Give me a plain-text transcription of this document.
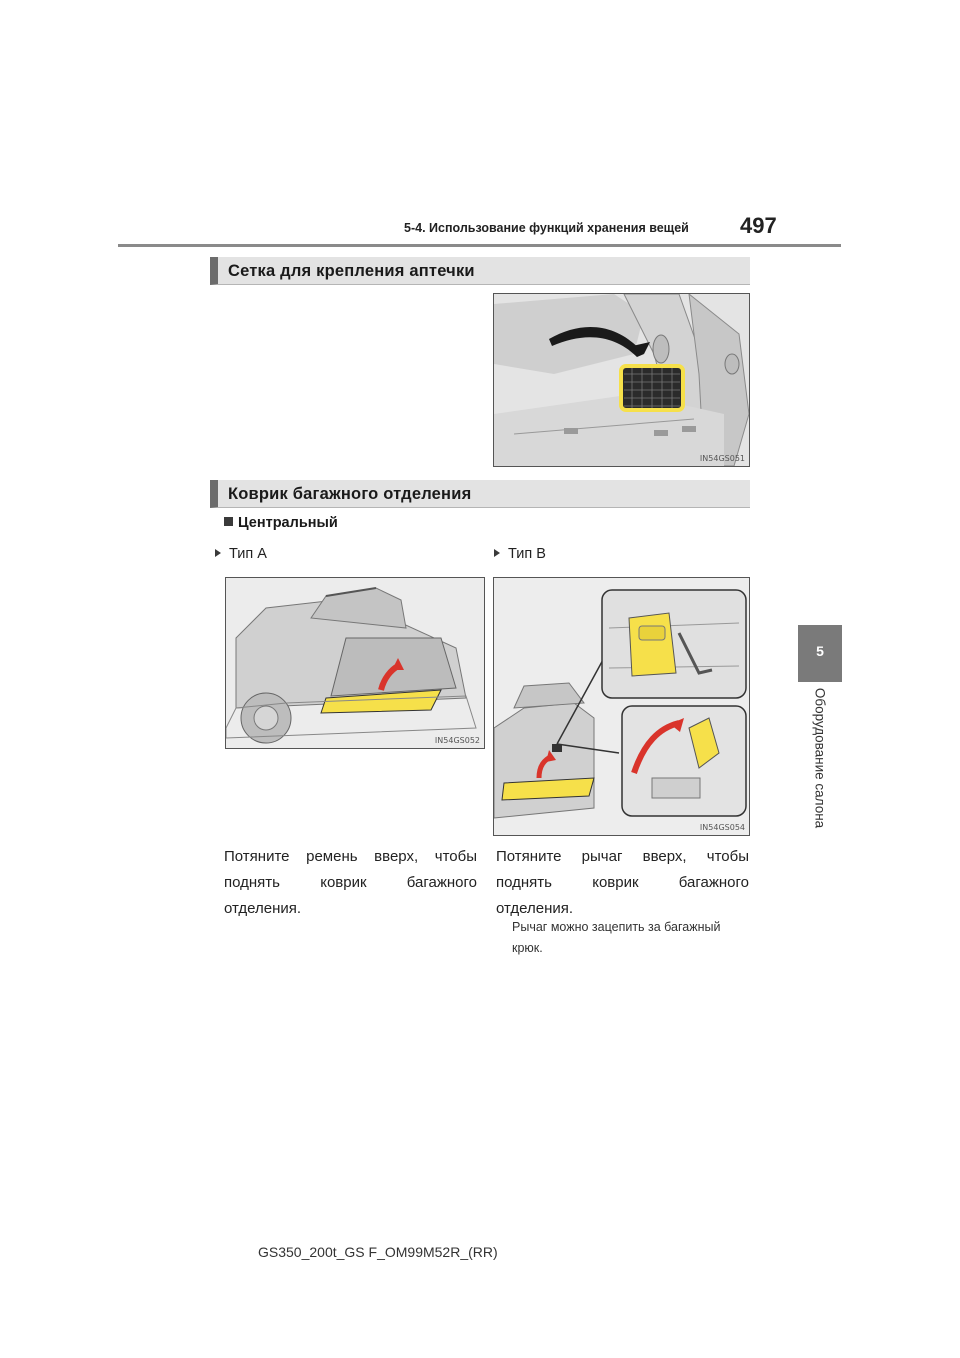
5-4. Использование функций хранения вещей 497
Сетка для крепления аптечки
IN54GS051
Коврик багажного отделения
Центральный
Тип A	Тип B
IN54GS052
IN54GS054
Потяните ремень вверх, чтобы поднять коврик багажного отделения.
Потяните рычаг вверх, чтобы поднять коврик багажного отделения.
Рычаг можно зацепить за багажный крюк.
5
Оборудование салона
GS350_200t_GS F_OM99M52R_(RR)
